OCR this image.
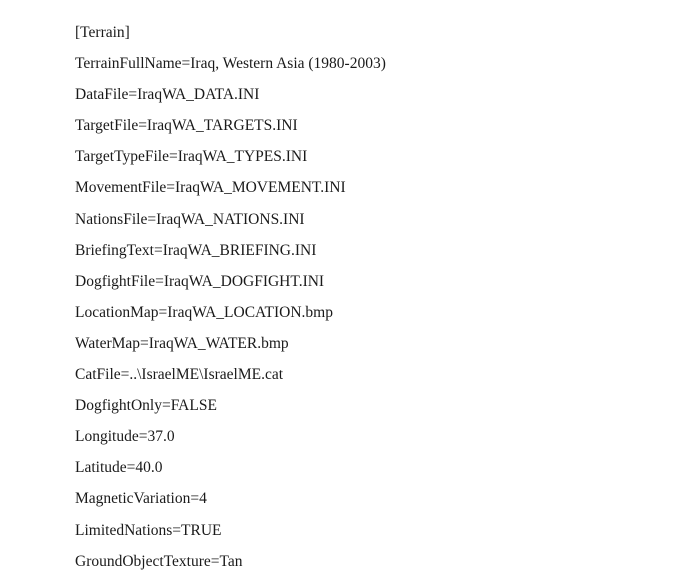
[Terrain]

TerrainFullName=Iraq, Western Asia (1980-2003)

DataFile=IraqWA_DATA.INI

TargetFile=IraqWA_TARGETS.INI

TargetTypeFile=IraqWA_TYPES.INI

MovementFile=IraqWA_MOVEMENT.INI

NationsFile=IraqWA_NATIONS.INI

BriefingText=IraqWA_BRIEFING.INI

DogfightFile=IraqWA_DOGFIGHT.INI

LocationMap=IraqWA_LOCATION.bmp

WaterMap=IraqWA_WATER.bmp

CatFile=..\IsraelME\IsraelME.cat

DogfightOnly=FALSE

Longitude=37.0

Latitude=40.0

MagneticVariation=4

LimitedNations=TRUE

GroundObjectTexture=Tan
